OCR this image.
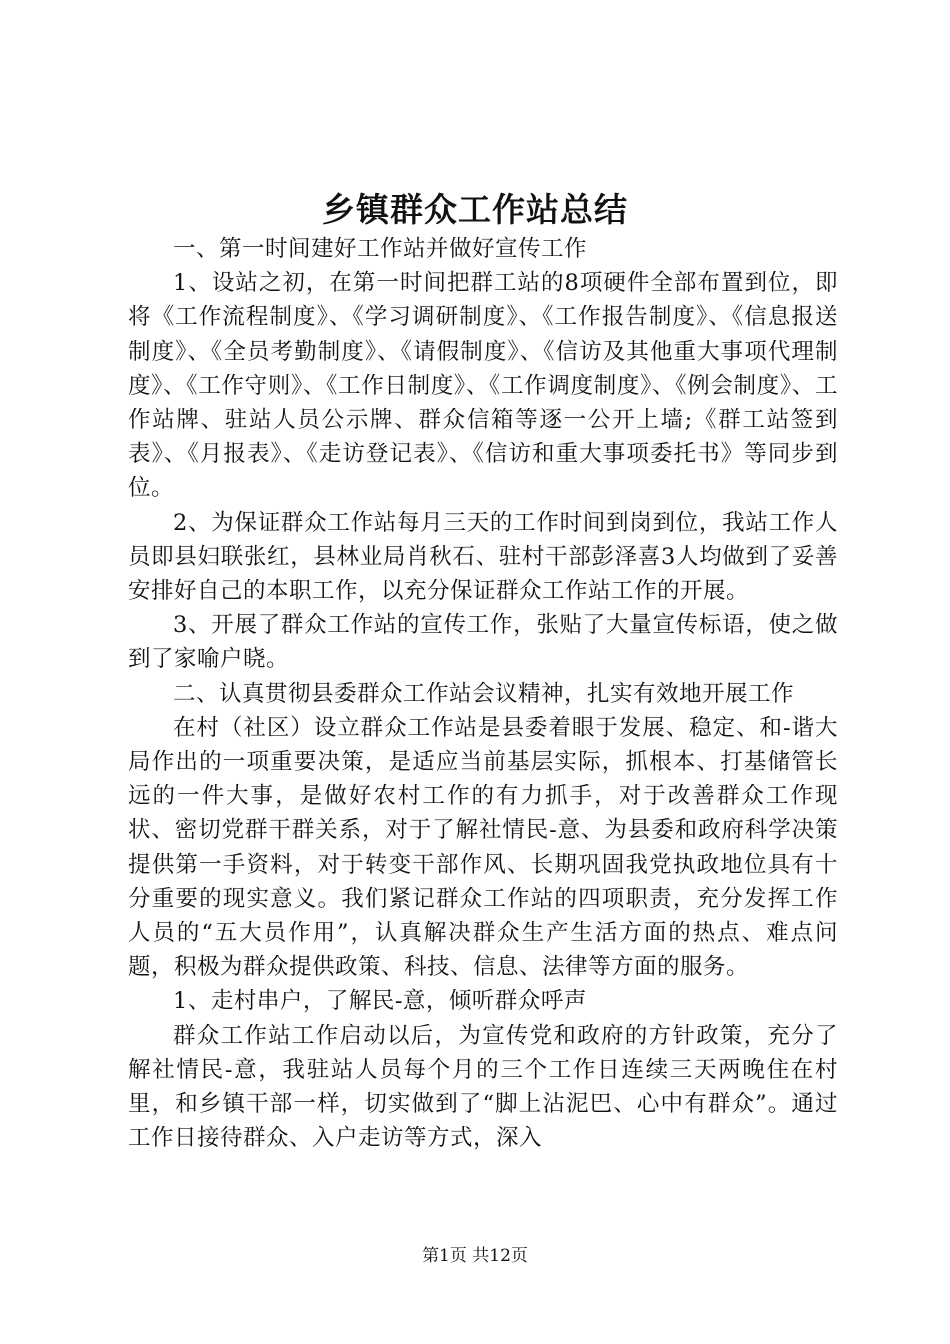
乡镇群众工作站总结

一、第一时间建好工作站并做好宣传工作

1、设站之初，在第一时间把群工站的8项硬件全部布置到位，即将《工作流程制度》、《学习调研制度》、《工作报告制度》、《信息报送制度》、《全员考勤制度》、《请假制度》、《信访及其他重大事项代理制度》、《工作守则》、《工作日制度》、《工作调度制度》、《例会制度》、工作站牌、驻站人员公示牌、群众信箱等逐一公开上墙;《群工站签到表》、《月报表》、《走访登记表》、《信访和重大事项委托书》等同步到位。

2、为保证群众工作站每月三天的工作时间到岗到位，我站工作人员即县妇联张红，县林业局肖秋石、驻村干部彭泽喜3人均做到了妥善安排好自己的本职工作，以充分保证群众工作站工作的开展。

3、开展了群众工作站的宣传工作，张贴了大量宣传标语，使之做到了家喻户晓。

二、认真贯彻县委群众工作站会议精神，扎实有效地开展工作

在村（社区）设立群众工作站是县委着眼于发展、稳定、和-谐大局作出的一项重要决策，是适应当前基层实际，抓根本、打基储管长远的一件大事，是做好农村工作的有力抓手，对于改善群众工作现状、密切党群干群关系，对于了解社情民-意、为县委和政府科学决策提供第一手资料，对于转变干部作风、长期巩固我党执政地位具有十分重要的现实意义。我们紧记群众工作站的四项职责，充分发挥工作人员的“五大员作用”，认真解决群众生产生活方面的热点、难点问题，积极为群众提供政策、科技、信息、法律等方面的服务。

1、走村串户，了解民-意，倾听群众呼声

群众工作站工作启动以后，为宣传党和政府的方针政策，充分了解社情民-意，我驻站人员每个月的三个工作日连续三天两晚住在村里，和乡镇干部一样，切实做到了“脚上沾泥巴、心中有群众”。通过工作日接待群众、入户走访等方式，深入

第1页 共12页
